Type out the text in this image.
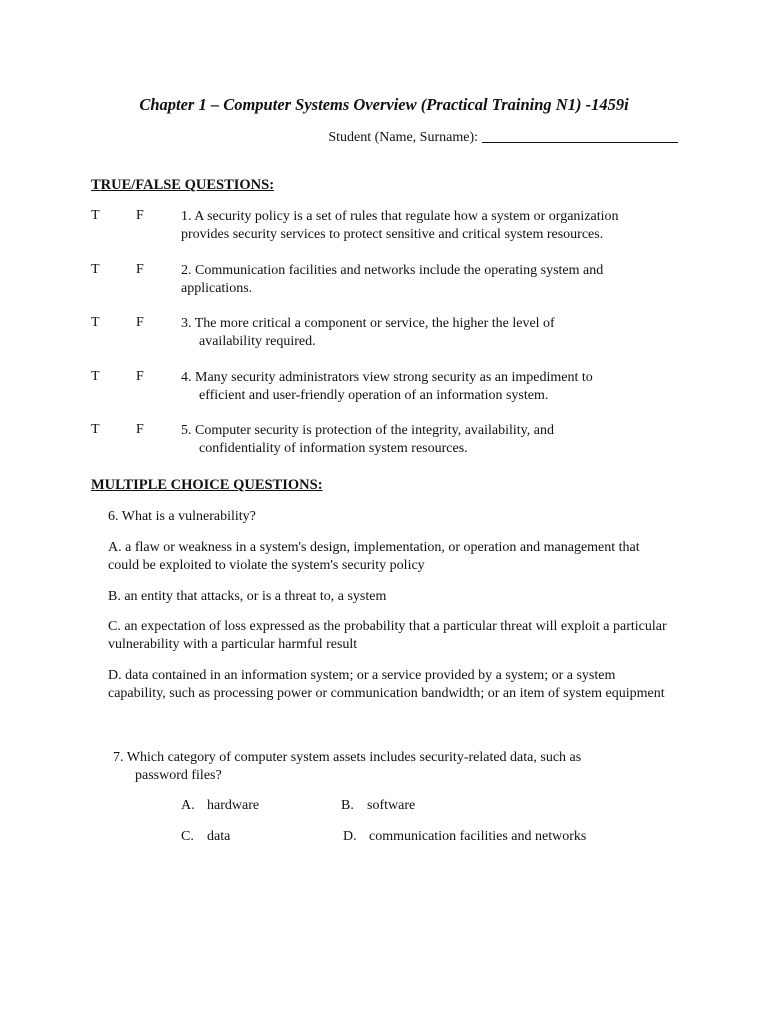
Chapter 1 – Computer Systems Overview (Practical Training N1) -1459i
Student (Name, Surname):
TRUE/FALSE QUESTIONS:
T	F	1. A security policy is a set of rules that regulate how a system or organization
provides security services to protect sensitive and critical system resources.
T	F	2. Communication facilities and networks include the operating system and
applications.
T	F	3. The more critical a component or service, the higher the level of
availability required.
T	F	4. Many security administrators view strong security as an impediment to
efficient and user-friendly operation of an information system.
T	F	5. Computer security is protection of the integrity, availability, and
confidentiality of information system resources.
MULTIPLE CHOICE QUESTIONS:
6. What is a vulnerability?
A. a flaw or weakness in a system's design, implementation, or operation and management that could be exploited to violate the system's security policy
B. an entity that attacks, or is a threat to, a system
C. an expectation of loss expressed as the probability that a particular threat will exploit a particular vulnerability with a particular harmful result
D. data contained in an information system; or a service provided by a system; or a system capability, such as processing power or communication bandwidth; or an item of system equipment
7. Which category of computer system assets includes security-related data, such as
password files?
A. hardware	B. software
C. data	D. communication facilities and networks
